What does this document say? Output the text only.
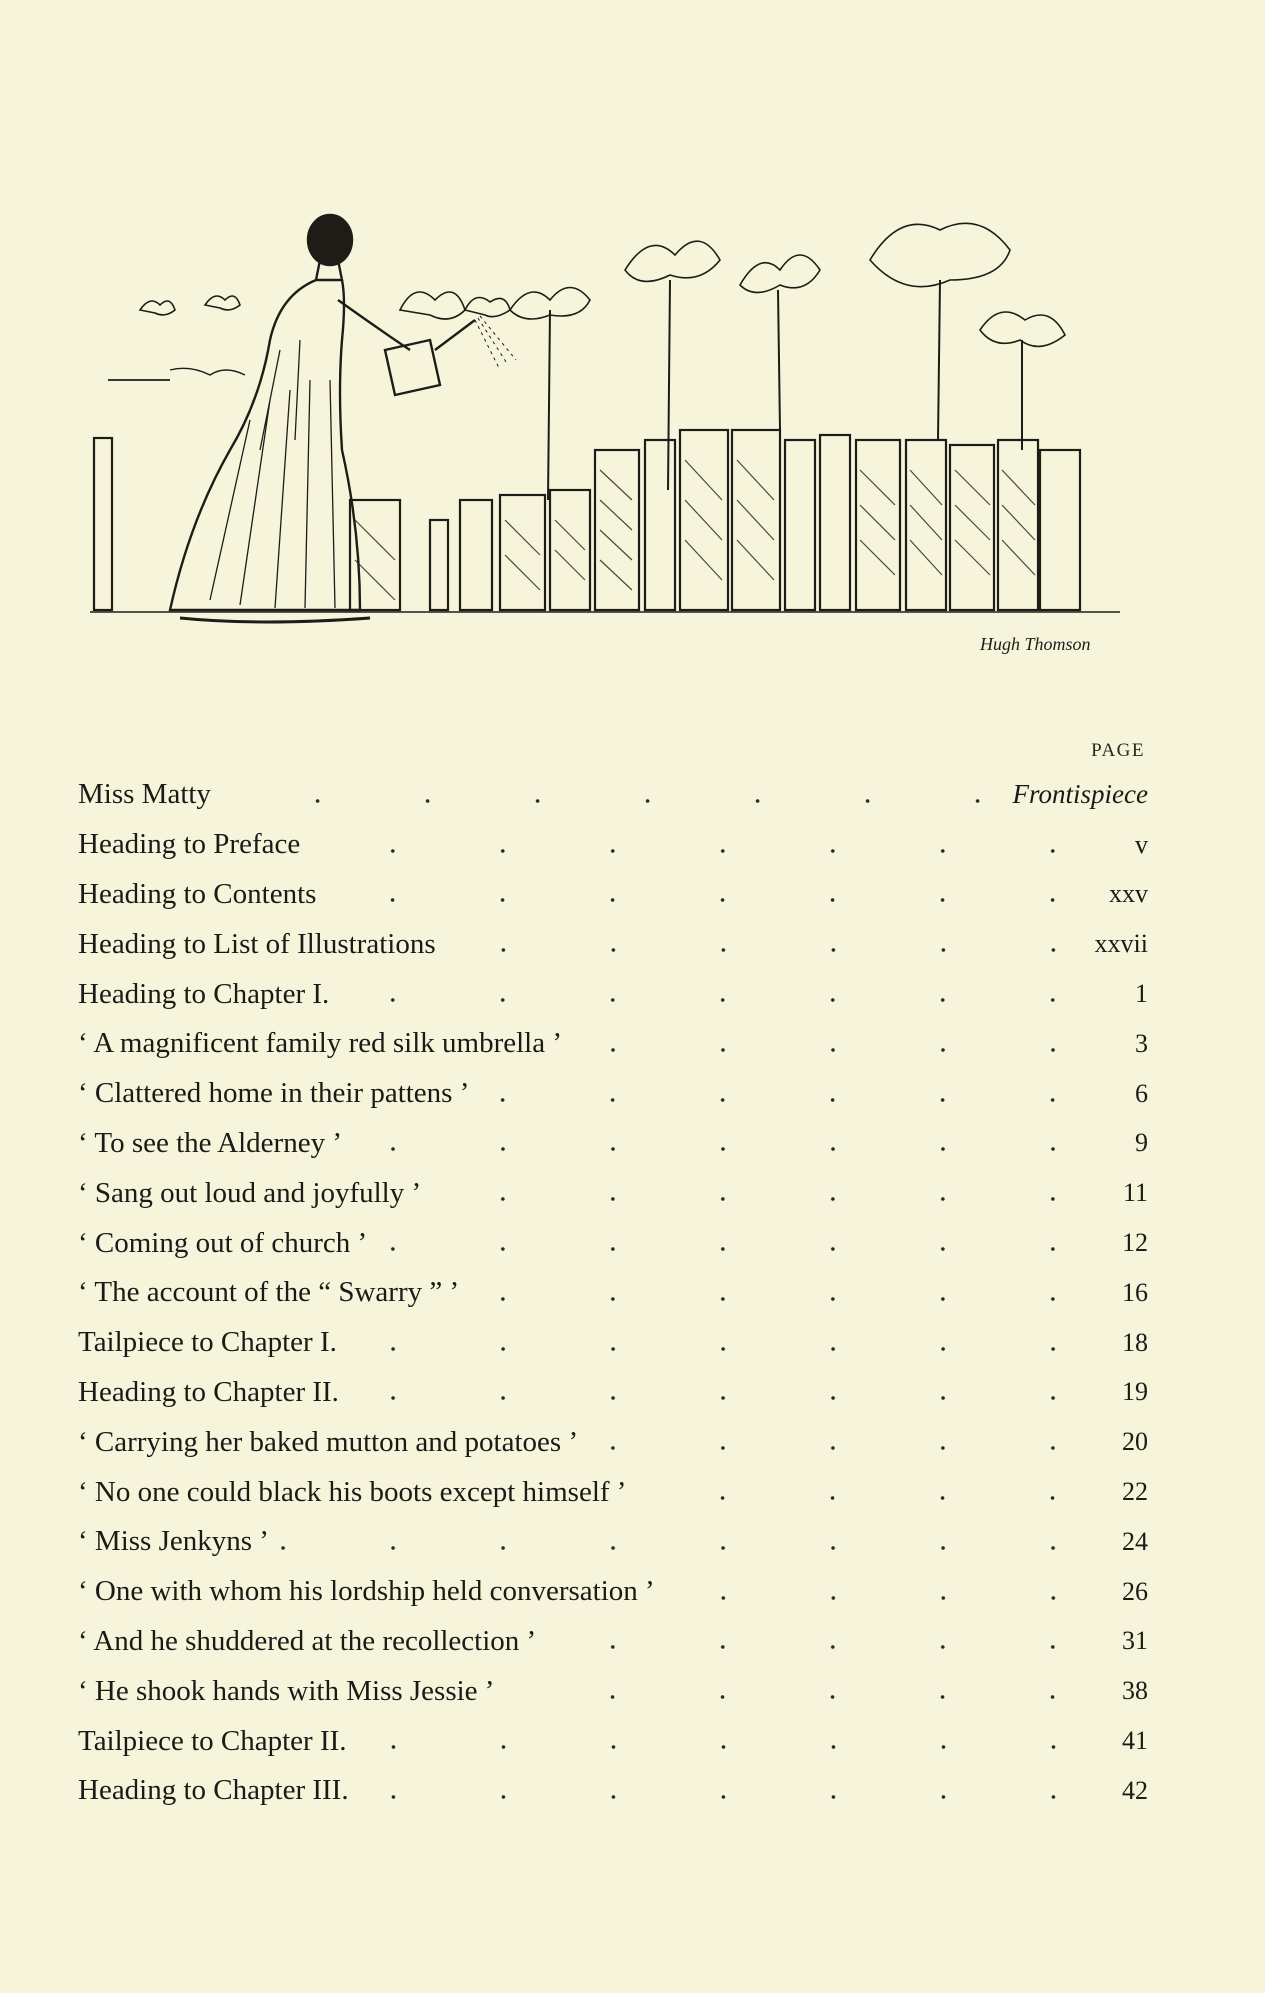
Hugh Thomson
PAGE
Miss Matty	Frontispiece
Heading to Preface	v
Heading to Contents	xxv
Heading to List of Illustrations	xxvii
Heading to Chapter I.	1
‘ A magnificent family red silk umbrella ’	3
‘ Clattered home in their pattens ’	6
‘ To see the Alderney ’	9
‘ Sang out loud and joyfully ’	11
‘ Coming out of church ’	12
‘ The account of the “ Swarry ” ’	16
Tailpiece to Chapter I.	18
Heading to Chapter II.	19
‘ Carrying her baked mutton and potatoes ’	20
‘ No one could black his boots except himself ’	22
‘ Miss Jenkyns ’	24
‘ One with whom his lordship held conversation ’	26
‘ And he shuddered at the recollection ’	31
‘ He shook hands with Miss Jessie ’	38
Tailpiece to Chapter II.	41
Heading to Chapter III.	42
